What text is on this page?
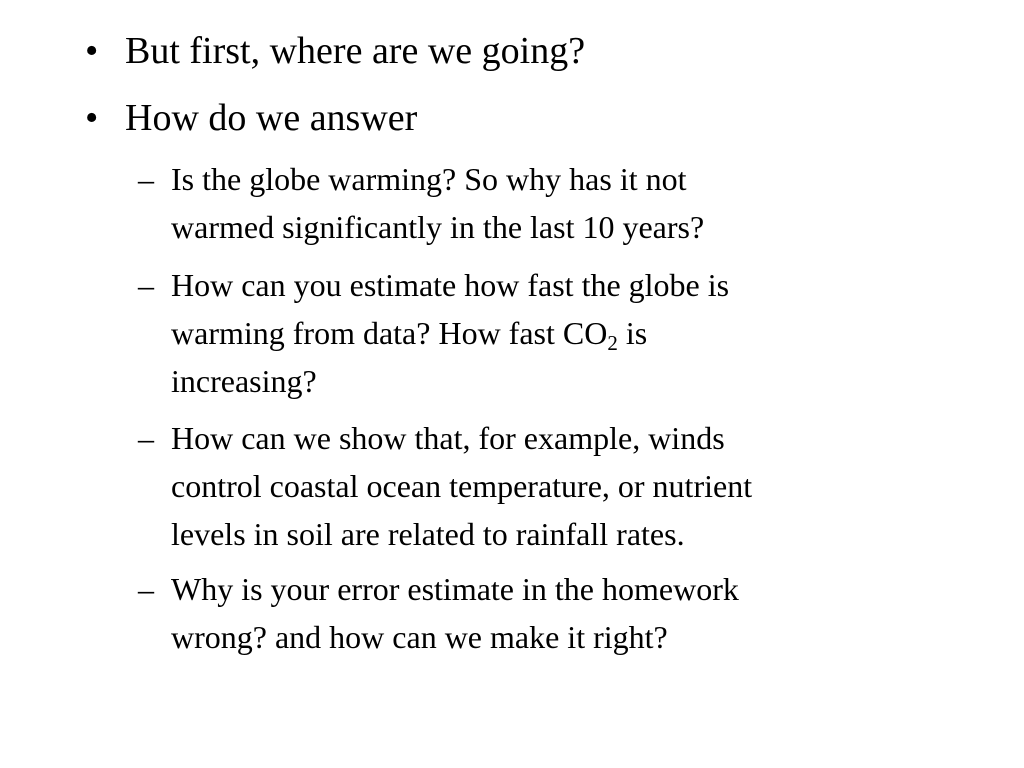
• But first, where are we going?
• How do we answer
– Is the globe warming? So why has it not
warmed significantly in the last 10 years?
– How can you estimate how fast the globe is
warming from data? How fast $CO_2$ is
increasing?
– How can we show that, for example, winds
control coastal ocean temperature, or nutrient
levels in soil are related to rainfall rates.
– Why is your error estimate in the homework
wrong? and how can we make it right?
